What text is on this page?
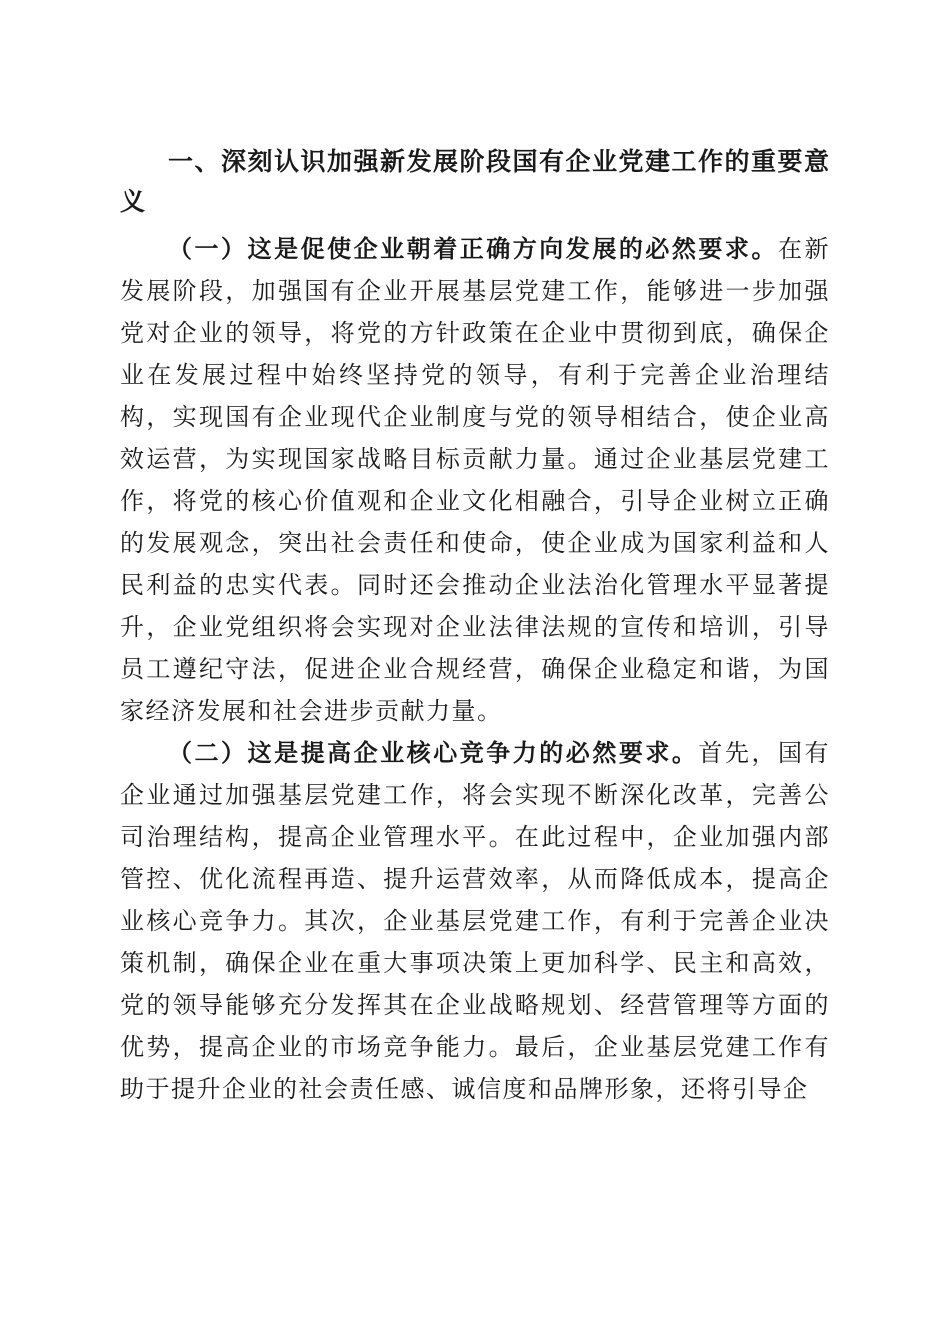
一、深刻认识加强新发展阶段国有企业党建工作的重要意义

（一）这是促使企业朝着正确方向发展的必然要求。在新发展阶段，加强国有企业开展基层党建工作，能够进一步加强党对企业的领导，将党的方针政策在企业中贯彻到底，确保企业在发展过程中始终坚持党的领导，有利于完善企业治理结构，实现国有企业现代企业制度与党的领导相结合，使企业高效运营，为实现国家战略目标贡献力量。通过企业基层党建工作，将党的核心价值观和企业文化相融合，引导企业树立正确的发展观念，突出社会责任和使命，使企业成为国家利益和人民利益的忠实代表。同时还会推动企业法治化管理水平显著提升，企业党组织将会实现对企业法律法规的宣传和培训，引导员工遵纪守法，促进企业合规经营，确保企业稳定和谐，为国家经济发展和社会进步贡献力量。

（二）这是提高企业核心竞争力的必然要求。首先，国有企业通过加强基层党建工作，将会实现不断深化改革，完善公司治理结构，提高企业管理水平。在此过程中，企业加强内部管控、优化流程再造、提升运营效率，从而降低成本，提高企业核心竞争力。其次，企业基层党建工作，有利于完善企业决策机制，确保企业在重大事项决策上更加科学、民主和高效，党的领导能够充分发挥其在企业战略规划、经营管理等方面的优势，提高企业的市场竞争能力。最后，企业基层党建工作有助于提升企业的社会责任感、诚信度和品牌形象，还将引导企
